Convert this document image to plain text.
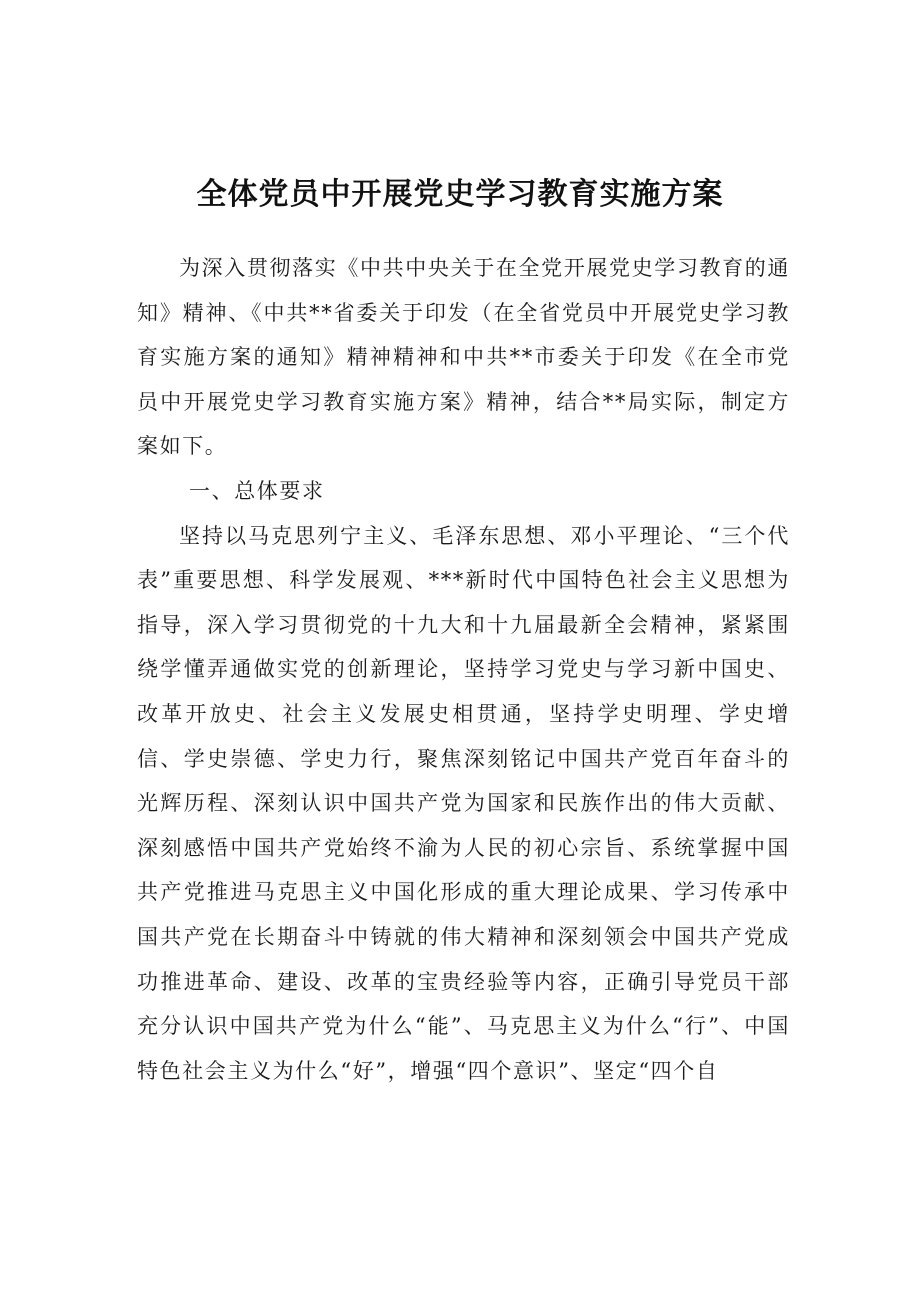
全体党员中开展党史学习教育实施方案

为深入贯彻落实《中共中央关于在全党开展党史学习教育的通知》精神、《中共**省委关于印发（在全省党员中开展党史学习教育实施方案的通知》精神精神和中共**市委关于印发《在全市党员中开展党史学习教育实施方案》精神，结合**局实际，制定方案如下。

一、总体要求

坚持以马克思列宁主义、毛泽东思想、邓小平理论、“三个代表”重要思想、科学发展观、***新时代中国特色社会主义思想为指导，深入学习贯彻党的十九大和十九届最新全会精神，紧紧围绕学懂弄通做实党的创新理论，坚持学习党史与学习新中国史、改革开放史、社会主义发展史相贯通，坚持学史明理、学史增信、学史崇德、学史力行，聚焦深刻铭记中国共产党百年奋斗的光辉历程、深刻认识中国共产党为国家和民族作出的伟大贡献、深刻感悟中国共产党始终不渝为人民的初心宗旨、系统掌握中国共产党推进马克思主义中国化形成的重大理论成果、学习传承中国共产党在长期奋斗中铸就的伟大精神和深刻领会中国共产党成功推进革命、建设、改革的宝贵经验等内容，正确引导党员干部充分认识中国共产党为什么“能”、马克思主义为什么“行”、中国特色社会主义为什么“好”，增强“四个意识”、坚定“四个自
